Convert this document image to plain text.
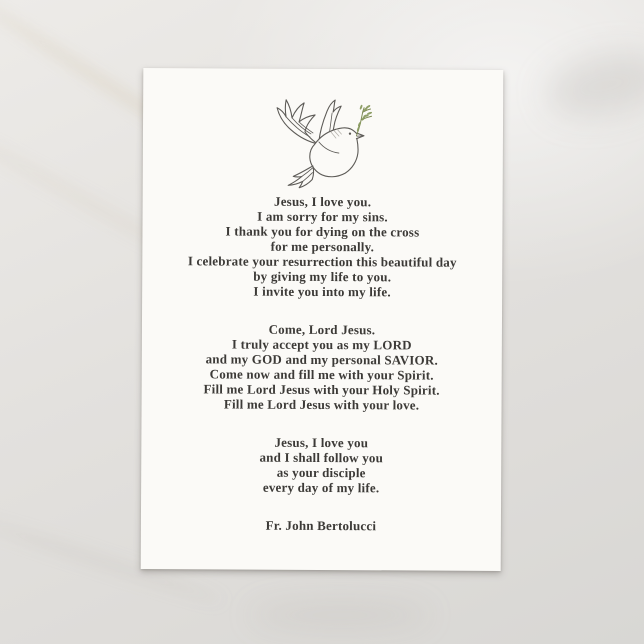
Jesus, I love you.
I am sorry for my sins.
I thank you for dying on the cross
for me personally.
I celebrate your resurrection this beautiful day
by giving my life to you.
I invite you into my life.

Come, Lord Jesus.
I truly accept you as my LORD
and my GOD and my personal SAVIOR.
Come now and fill me with your Spirit.
Fill me Lord Jesus with your Holy Spirit.
Fill me Lord Jesus with your love.

Jesus, I love you
and I shall follow you
as your disciple
every day of my life.

Fr. John Bertolucci
